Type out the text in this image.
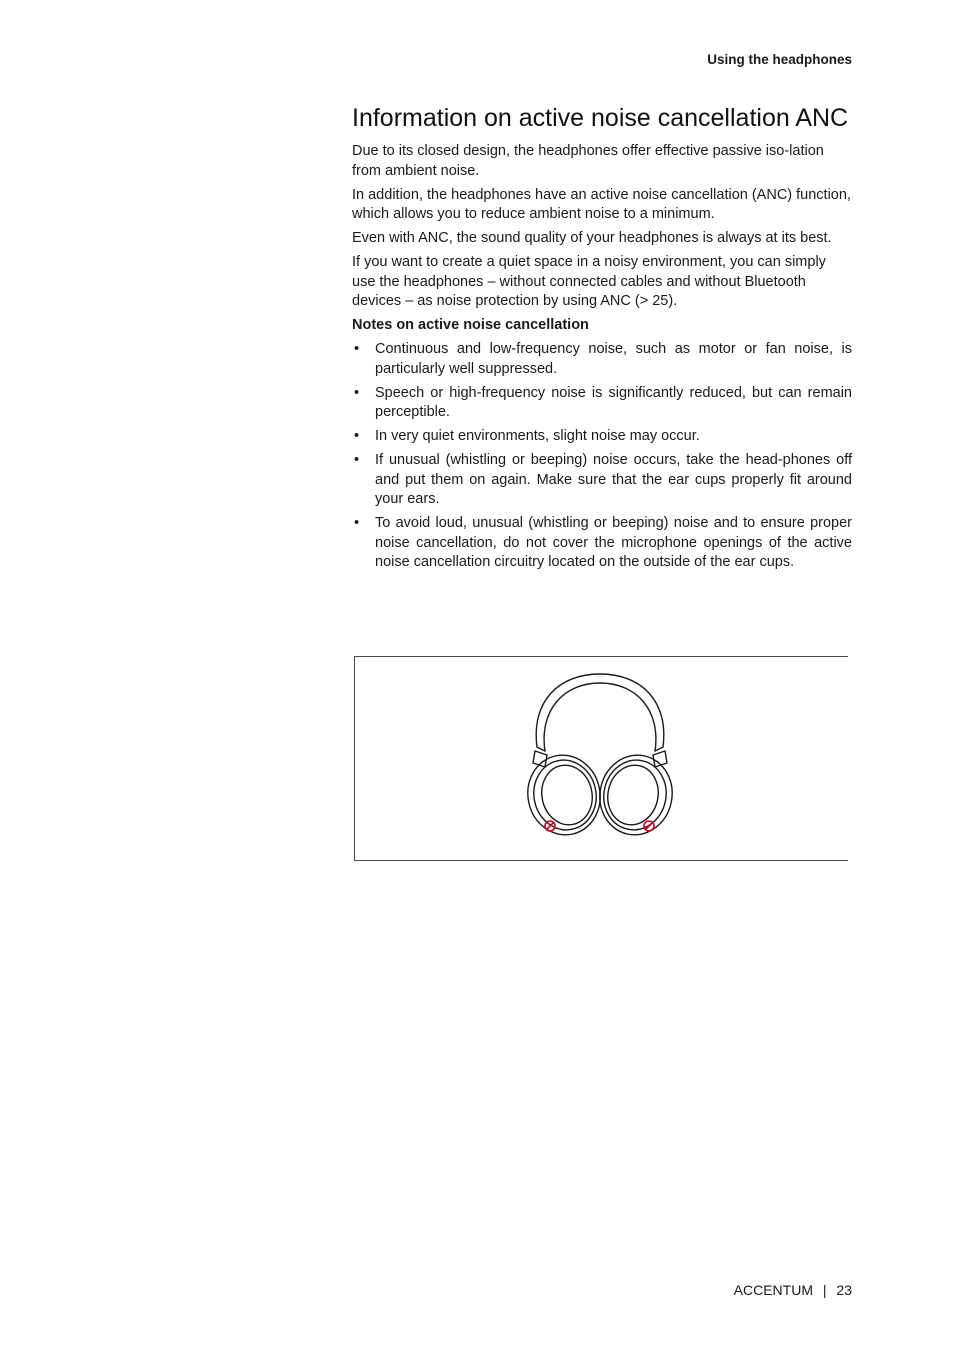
Using the headphones
Information on active noise cancellation ANC

Due to its closed design, the headphones offer effective passive iso-lation from ambient noise.

In addition, the headphones have an active noise cancellation (ANC) function, which allows you to reduce ambient noise to a minimum.

Even with ANC, the sound quality of your headphones is always at its best.

If you want to create a quiet space in a noisy environment, you can simply use the headphones – without connected cables and without Bluetooth devices – as noise protection by using ANC (> 25).

Notes on active noise cancellation
• Continuous and low-frequency noise, such as motor or fan noise, is particularly well suppressed.
• Speech or high-frequency noise is significantly reduced, but can remain perceptible.
• In very quiet environments, slight noise may occur.
• If unusual (whistling or beeping) noise occurs, take the head-phones off and put them on again. Make sure that the ear cups properly fit around your ears.
• To avoid loud, unusual (whistling or beeping) noise and to ensure proper noise cancellation, do not cover the microphone openings of the active noise cancellation circuitry located on the outside of the ear cups.
ACCENTUM | 23
